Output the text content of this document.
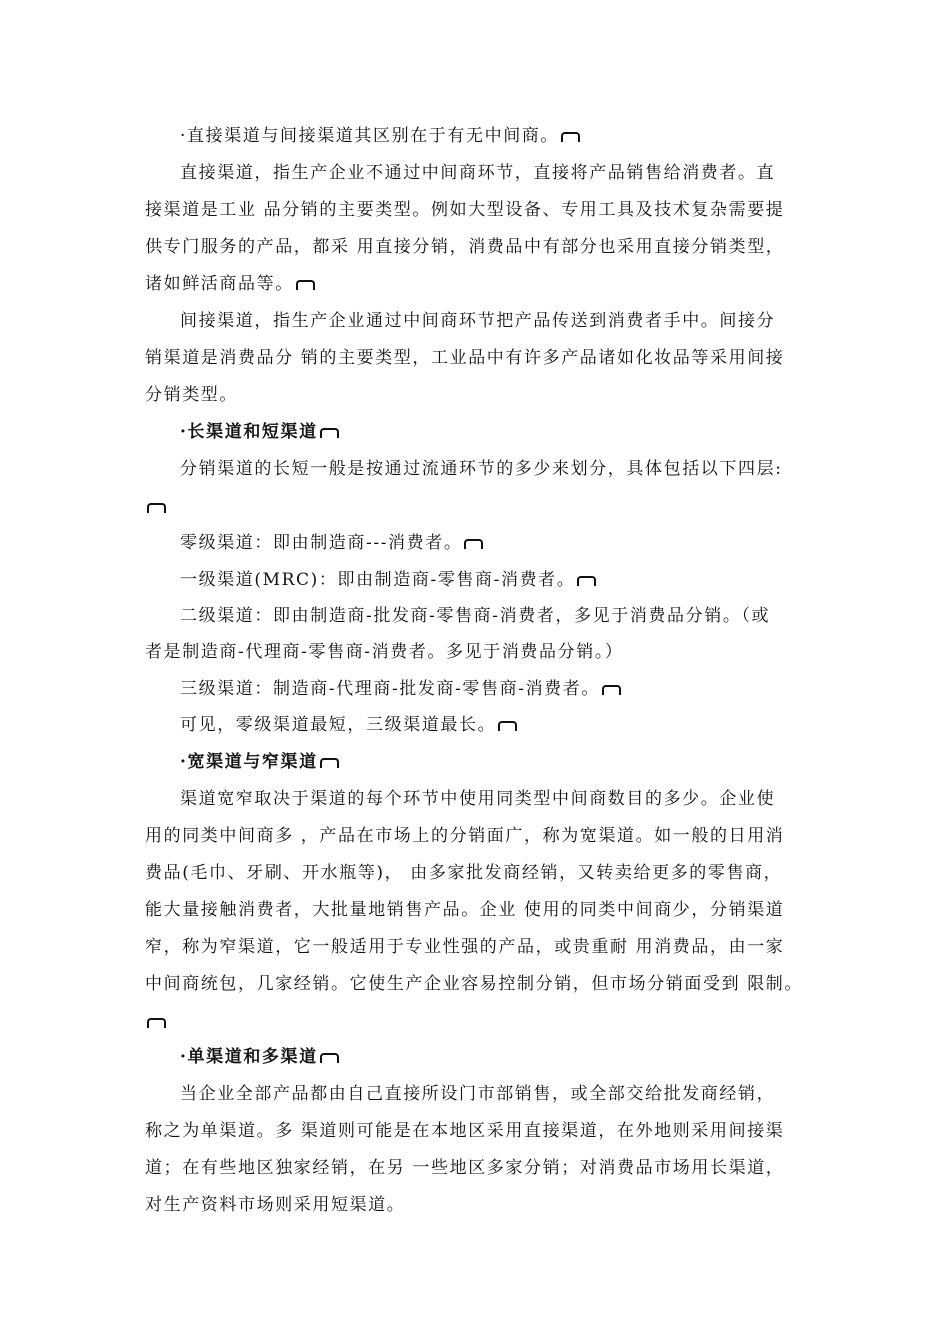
·直接渠道与间接渠道其区别在于有无中间商。
直接渠道，指生产企业不通过中间商环节，直接将产品销售给消费者。直
接渠道是工业 品分销的主要类型。例如大型设备、专用工具及技术复杂需要提
供专门服务的产品，都采 用直接分销，消费品中有部分也采用直接分销类型，
诸如鲜活商品等。
间接渠道，指生产企业通过中间商环节把产品传送到消费者手中。间接分
销渠道是消费品分 销的主要类型，工业品中有许多产品诸如化妆品等采用间接
分销类型。
·长渠道和短渠道
分销渠道的长短一般是按通过流通环节的多少来划分，具体包括以下四层:
零级渠道：即由制造商---消费者。
一级渠道(MRC)：即由制造商-零售商-消费者。
二级渠道：即由制造商-批发商-零售商-消费者，多见于消费品分销。（或
者是制造商-代理商-零售商-消费者。多见于消费品分销。）
三级渠道：制造商-代理商-批发商-零售商-消费者。
可见，零级渠道最短，三级渠道最长。
·宽渠道与窄渠道
渠道宽窄取决于渠道的每个环节中使用同类型中间商数目的多少。企业使
用的同类中间商多 ，产品在市场上的分销面广，称为宽渠道。如一般的日用消
费品(毛巾、牙刷、开水瓶等)， 由多家批发商经销，又转卖给更多的零售商，
能大量接触消费者，大批量地销售产品。企业 使用的同类中间商少，分销渠道
窄，称为窄渠道，它一般适用于专业性强的产品，或贵重耐 用消费品，由一家
中间商统包，几家经销。它使生产企业容易控制分销，但市场分销面受到 限制。
·单渠道和多渠道
当企业全部产品都由自己直接所设门市部销售，或全部交给批发商经销，
称之为单渠道。多 渠道则可能是在本地区采用直接渠道，在外地则采用间接渠
道；在有些地区独家经销，在另 一些地区多家分销；对消费品市场用长渠道，
对生产资料市场则采用短渠道。
